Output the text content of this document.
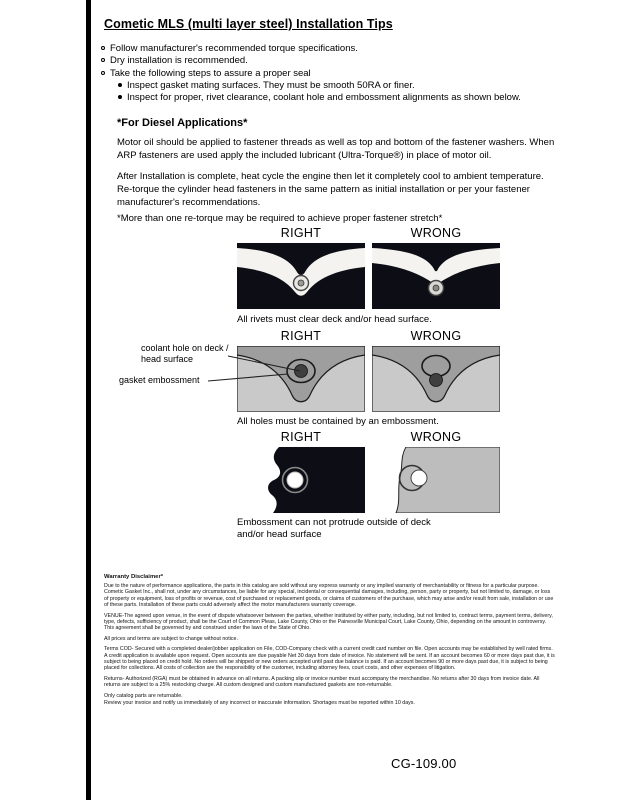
Cometic MLS (multi layer steel) Installation Tips
Follow manufacturer's recommended torque specifications.
Dry installation is recommended.
Take the following steps to assure a proper seal
Inspect gasket mating surfaces. They must be smooth 50RA or finer.
Inspect for proper, rivet clearance, coolant hole and embossment alignments as shown below.
*For Diesel Applications*

Motor oil should be applied to fastener threads as well as top and bottom of the fastener washers. When ARP fasteners are used apply the included lubricant (Ultra-Torque®) in place of motor oil.

After Installation is complete, heat cycle the engine then let it completely cool to ambient temperature. Re-torque the cylinder head fasteners in the same pattern as initial installation or per your fastener manufacturer's recommendations.

*More than one re-torque may be required to achieve proper fastener stretch*

RIGHT	WRONG

All rivets must clear deck and/or head surface.

RIGHT	WRONG
coolant hole on deck / head surface
gasket embossment

All holes must be contained by an embossment.

RIGHT	WRONG

Embossment can not protrude outside of deck and/or head surface

Warranty Disclaimer*

Due to the nature of performance applications, the parts in this catalog are sold without any express warranty or any implied warranty of merchantability or fitness for a particular purpose. Cometic Gasket Inc., shall not, under any circumstances, be liable for any special, incidental or consequential damages, including, person, party or property, but not limited to, damage, or loss of property or equipment, loss of profits or revenue, cost of purchased or replacement goods, or claims of customers of the purchase, which may arise and/or result from sale, installation or use of these parts. Installation of these parts could adversely affect the motor manufacturers warranty coverage.

VENUE-The agreed upon venue, in the event of dispute whatsoever between the parties, whether instituted by either party, including, but not limited to, contract terms, payment terms, delivery, type, defects, sufficiency of product, shall be the Court of Common Pleas, Lake County, Ohio or the Painesville Municipal Court, Lake County, Ohio, depending on the amount in controversy. This agreement shall be governed by and construed under the laws of the State of Ohio.

All prices and terms are subject to change without notice.

Terms COD- Secured with a completed dealer/jobber application on File, COD-Company check with a current credit card number on file. Open accounts may be established by well rated firms. A credit application is available upon request. Open accounts are due payable Net 30 days from date of invoice. No statement will be sent. If an account becomes 60 or more days past due, it is subject to being placed on credit hold. No orders will be shipped or new orders accepted until past due balance is paid. If an account becomes 90 or more days past due, it is subject to being placed for collections. All costs of collection are the responsibility of the customer, including attorney fees, court costs, and other expenses of litigation.

Returns- Authorized (RGA) must be obtained in advance on all returns. A packing slip or invoice number must accompany the merchandise. No returns after 30 days from invoice date. All returns are subject to a 25% restocking charge. All custom designed and custom manufactured gaskets are non-returnable.

Only catalog parts are returnable.

Review your invoice and notify us immediately of any incorrect or inaccurate information. Shortages must be reported within 10 days.

CG-109.00
